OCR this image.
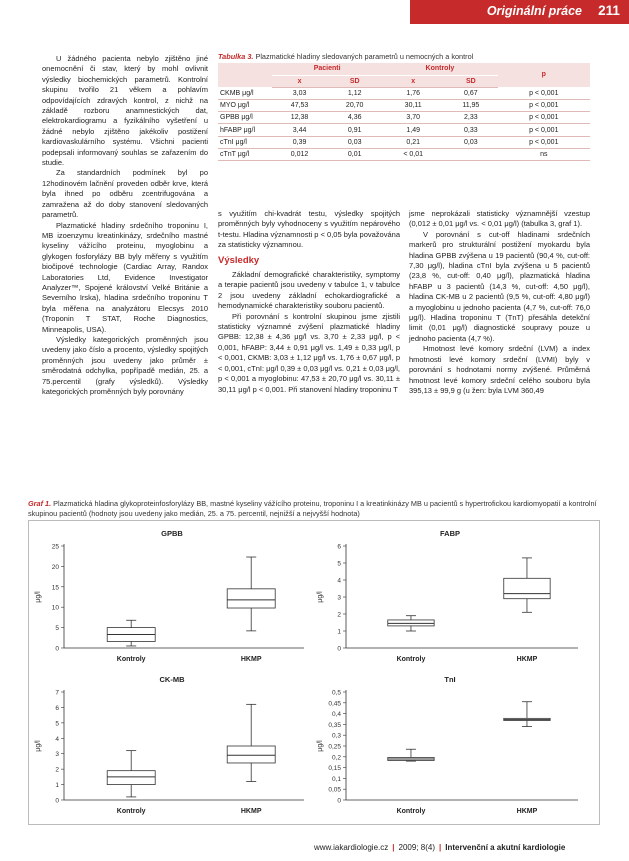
Originální práce	211

U žádného pacienta nebylo zjištěno jiné onemocnění či stav, který by mohl ovlivnit výsledky biochemických parametrů. Kontrolní skupinu tvořilo 21 věkem a pohlavím odpovídajících zdravých kontrol, z nichž na základě rozboru anamnestických dat, elektrokardiogramu a fyzikálního vyšetření u žádné nebylo zjištěno jakékoliv postižení kardiovaskulárního systému. Všichni pacienti podepsali informovaný souhlas se zařazením do studie.

Za standardních podmínek byl po 12hodinovém lačnění proveden odběr krve, která byla ihned po odběru zcentrifugována a zamražena až do doby stanovení sledovaných parametrů.

Plazmatické hladiny srdečního troponinu I, MB izoenzymu kreatinkinázy, srdečního mastné kyseliny vážícího proteinu, myoglobinu a glykogen fosforylázy BB byly měřeny s využitím biočipové technologie (Cardiac Array, Randox Laboratories Ltd, Evidence Investigator Analyzer™, Spojené království Velké Británie a Severního Irska), hladina srdečního troponinu T byla měřena na analyzátoru Elecsys 2010 (Troponin T STAT, Roche Diagnostics, Minneapolis, USA).

Výsledky kategorických proměnných jsou uvedeny jako číslo a procento, výsledky spojitých proměnných jsou uvedeny jako průměr ± směrodatná odchylka, popřípadě medián, 25. a 75.percentil (grafy výsledků). Výsledky kategorických proměnných byly porovnány

Tabulka 3. Plazmatické hladiny sledovaných parametrů u nemocných a kontrol
	Pacienti		Kontroly		p
	x	SD	x	SD	
CKMB μg/l	3,03	1,12	1,76	0,67	p < 0,001
MYO μg/l	47,53	20,70	30,11	11,95	p < 0,001
GPBB μg/l	12,38	4,36	3,70	2,33	p < 0,001
hFABP μg/l	3,44	0,91	1,49	0,33	p < 0,001
cTnI μg/l	0,39	0,03	0,21	0,03	p < 0,001
cTnT μg/l	0,012	0,01	< 0,01		ns
s využitím chi-kvadrát testu, výsledky spojitých proměnných byly vyhodnoceny s využitím nepárového t-testu. Hladina významnosti p < 0,05 byla považována za statisticky významnou.
Výsledky

Základní demografické charakteristiky, symptomy a terapie pacientů jsou uvedeny v tabulce 1, v tabulce 2 jsou uvedeny základní echokardiografické a hemodynamické charakteristiky souboru pacientů.

Při porovnání s kontrolní skupinou jsme zjistili statisticky významné zvýšení plazmatické hladiny GPBB: 12,38 ± 4,36 μg/l vs. 3,70 ± 2,33 μg/l, p < 0,001, hFABP: 3,44 ± 0,91 μg/l vs. 1,49 ± 0,33 μg/l, p < 0,001, CKMB: 3,03 ± 1,12 μg/l vs. 1,76 ± 0,67 μg/l, p < 0,001, cTnI: μg/l 0,39 ± 0,03 μg/l vs. 0,21 ± 0,03 μg/l, p < 0,001 a myoglobinu: 47,53 ± 20,70 μg/l vs. 30,11 ± 30,11 μg/l p < 0,001. Při stanovení hladiny troponinu T

jsme neprokázali statisticky významnější vzestup (0,012 ± 0,01 μg/l vs. < 0,01 μg/l) (tabulka 3, graf 1).

V porovnání s cut-off hladinami srdečních markerů pro strukturální postižení myokardu byla hladina GPBB zvýšena u 19 pacientů (90,4 %, cut-off: 7,30 μg/l), hladina cTnI byla zvýšena u 5 pacientů (23,8 %, cut-off: 0,40 μg/l), plazmatická hladina hFABP u 3 pacientů (14,3 %, cut-off: 4,50 μg/l), hladina CK-MB u 2 pacientů (9,5 %, cut-off: 4,80 μg/l) a myoglobinu u jednoho pacienta (4,7 %, cut-off: 76,0 μg/l). Hladina troponinu T (TnT) přesáhla detekční limit (0,01 μg/l) diagnostické soupravy pouze u jednoho pacienta (4,7 %).

Hmotnost levé komory srdeční (LVM) a index hmotnosti levé komory srdeční (LVMI) byly v porovnání s hodnotami normy zvýšené. Průměrná hmotnost levé komory srdeční celého souboru byla 395,13 ± 99,9 g (u žen: byla LVM 360,49

Graf 1. Plazmatická hladina glykoproteinfosforylázy BB, mastné kyseliny vážícího proteinu, troponinu I a kreatinkinázy MB u pacientů s hypertrofickou kardiomyopatií a kontrolní skupinou pacientů (hodnoty jsou uvedeny jako medián, 25. a 75. percentil, nejnižší a nejvyšší hodnota)
GPBB
0
5
10
15
20
25
μg/l
Kontroly	HKMP
FABP
0
1
2
3
4
5
6
μg/l
Kontroly	HKMP
CK-MB
0
1
2
3
4
5
6
7
μg/l
Kontroly	HKMP
TnI
0
0,05
0,1
0,15
0,2
0,25
0,3
0,35
0,4
0,45
0,5
μg/l
Kontroly	HKMP
www.iakardiologie.cz | 2009; 8(4) | Intervenční a akutní kardiologie
